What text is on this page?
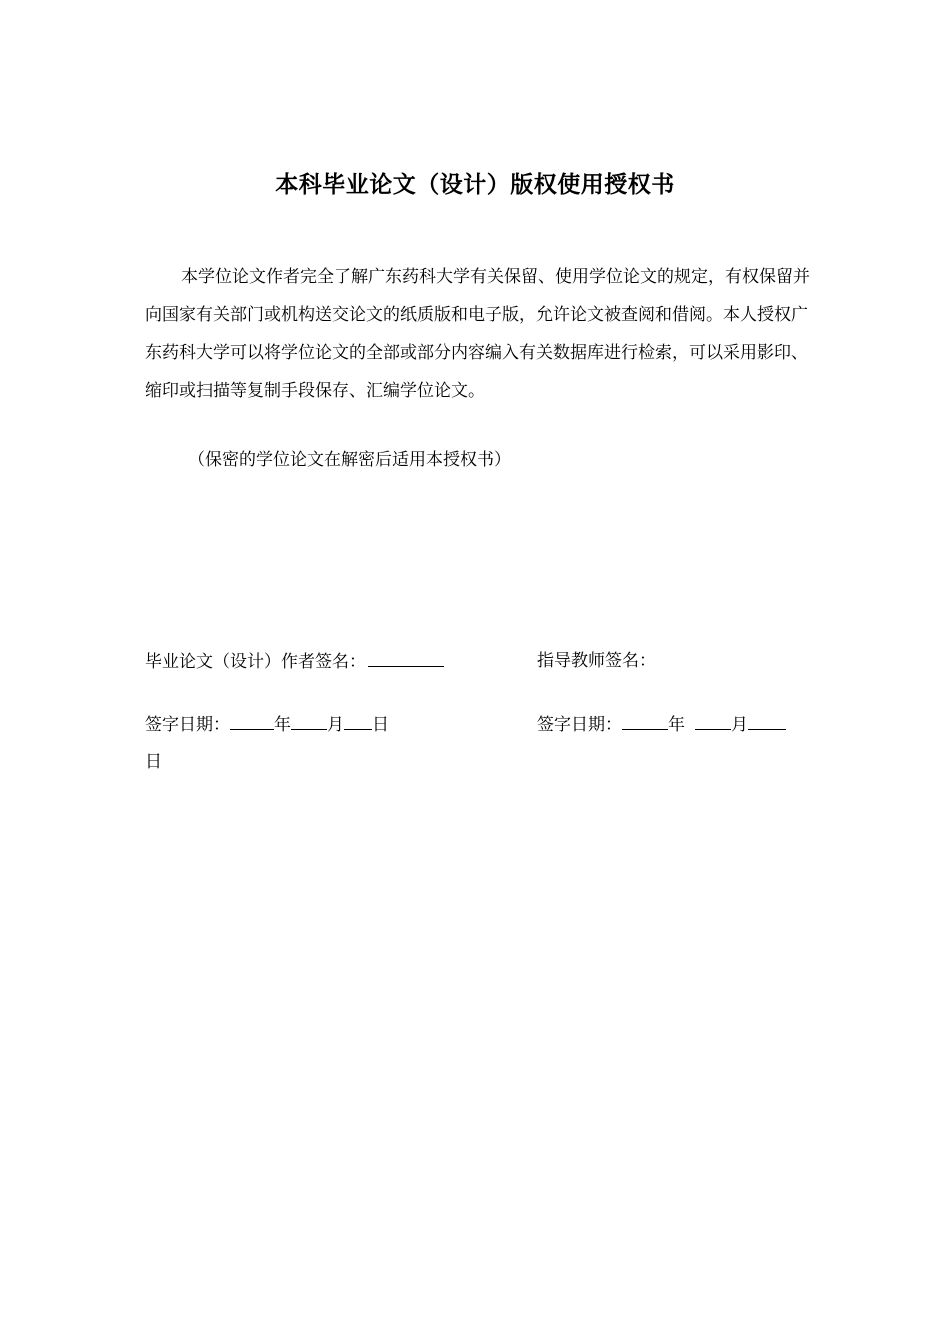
本科毕业论文（设计）版权使用授权书

本学位论文作者完全了解广东药科大学有关保留、使用学位论文的规定，有权保留并向国家有关部门或机构送交论文的纸质版和电子版，允许论文被查阅和借阅。本人授权广东药科大学可以将学位论文的全部或部分内容编入有关数据库进行检索，可以采用影印、缩印或扫描等复制手段保存、汇编学位论文。

（保密的学位论文在解密后适用本授权书）
毕业论文（设计）作者签名：	指导教师签名：
签字日期：	年 月 日	签字日期：	年	月
日
